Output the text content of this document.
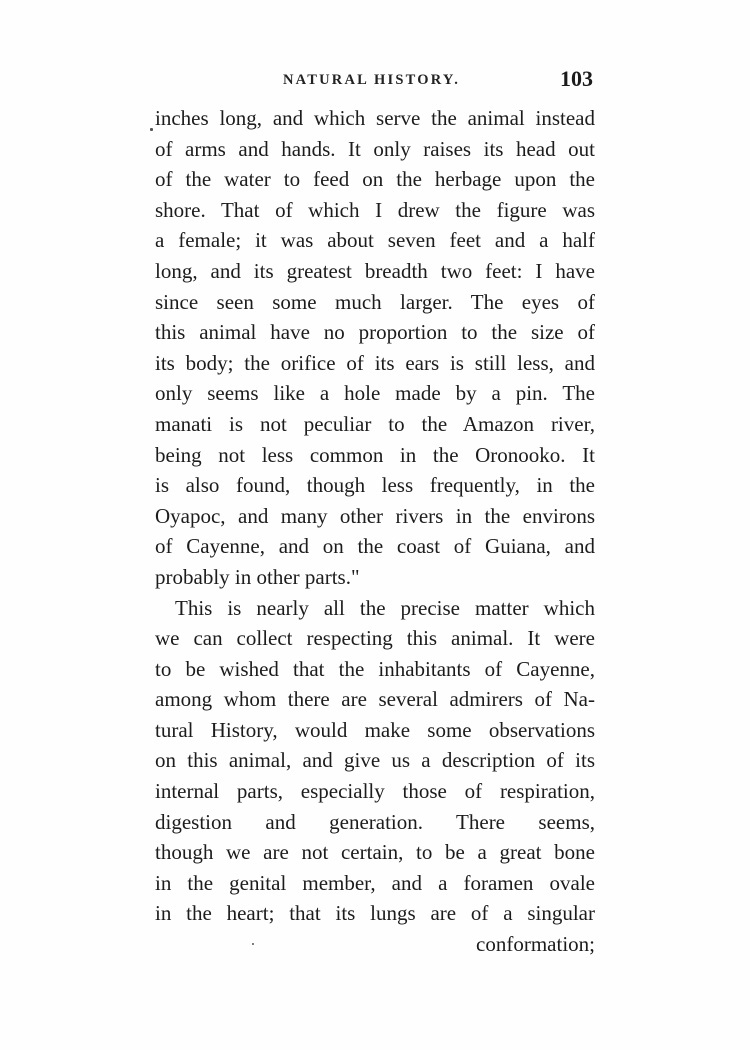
NATURAL HISTORY.	103
inches long, and which serve the animal instead
of arms and hands. It only raises its head out
of the water to feed on the herbage upon the
shore. That of which I drew the figure was
a female; it was about seven feet and a half
long, and its greatest breadth two feet: I have
since seen some much larger. The eyes of
this animal have no proportion to the size of
its body; the orifice of its ears is still less, and
only seems like a hole made by a pin. The
manati is not peculiar to the Amazon river,
being not less common in the Oronooko. It
is also found, though less frequently, in the
Oyapoc, and many other rivers in the environs
of Cayenne, and on the coast of Guiana, and
probably in other parts."
This is nearly all the precise matter which
we can collect respecting this animal. It were
to be wished that the inhabitants of Cayenne,
among whom there are several admirers of Na-
tural History, would make some observations
on this animal, and give us a description of its
internal parts, especially those of respiration,
digestion and generation. There seems,
though we are not certain, to be a great bone
in the genital member, and a foramen ovale
in the heart; that its lungs are of a singular
conformation;
